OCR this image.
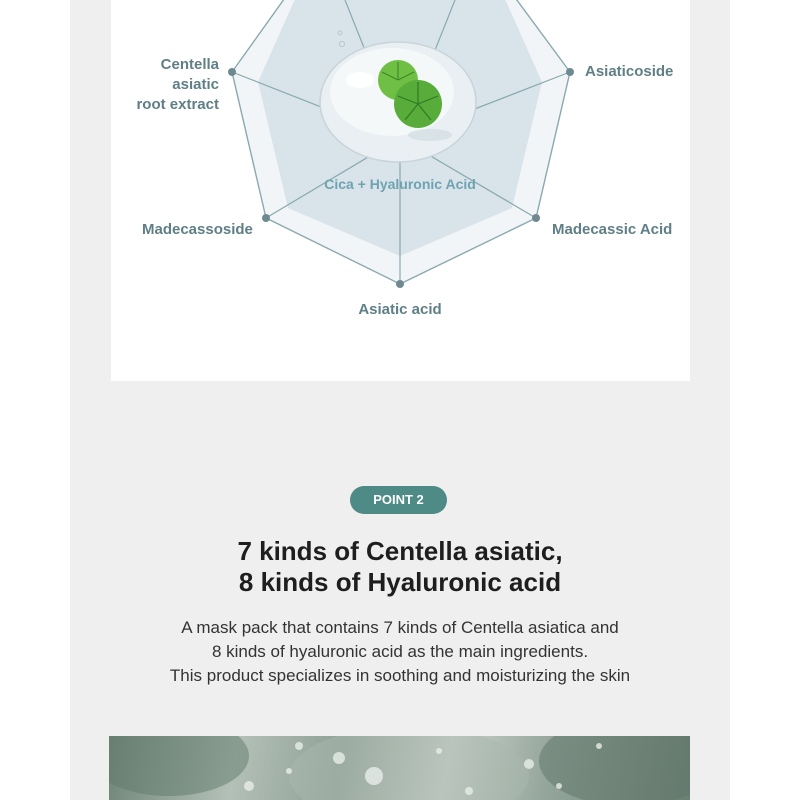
Centella
asiatic
root extract
Asiaticoside
Madecassoside	Madecassic Acid
Asiatic acid
Cica + Hyaluronic Acid
POINT 2
7 kinds of Centella asiatic,
8 kinds of Hyaluronic acid
A mask pack that contains 7 kinds of Centella asiatica and
8 kinds of hyaluronic acid as the main ingredients.
This product specializes in soothing and moisturizing the skin
